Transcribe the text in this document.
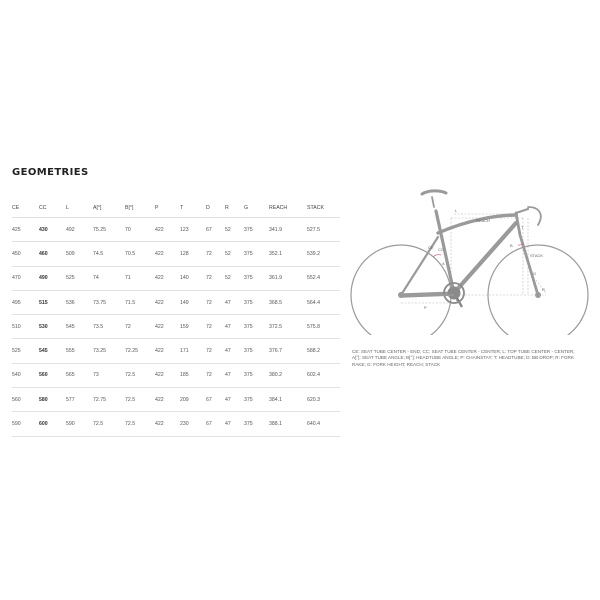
GEOMETRIES
CE	CC	L	A[°]	B[°]	P	T	D	R	G	REACH	STACK
425	430	492	75.25	70	422	123	67	52	375	341.9	527.5
450	460	509	74.5	70.5	422	128	72	52	375	352.1	539.2
470	490	525	74	71	422	140	72	52	375	361.9	552.4
495	515	536	73.75	71.5	422	149	72	47	375	368.5	564.4
510	530	545	73.5	72	422	159	72	47	375	372.5	575.8
525	545	555	73.25	72.25	422	171	72	47	375	376.7	588.2
540	560	565	73	72.5	422	185	72	47	375	380.2	602.4
560	580	577	72.75	72.5	422	209	67	47	375	384.1	620.3
590	600	590	72.5	72.5	422	230	67	47	375	388.1	640.4
L
REACH
STACK
CE CC
A
B
T
G
R
P
D
CE: SEAT TUBE CENTER - END; CC: SEAT TUBE CENTER - CENTER; L: TOP TUBE CENTER - CENTER; A[°]: SEAT TUBE ANGLE; B[°]: HEADTUBE ANGLE; P: CHAINSTAY; T: HEADTUBE; D: BB DROP; R: FORK RAKE; G: FORK HEIGHT; REACH; STACK
